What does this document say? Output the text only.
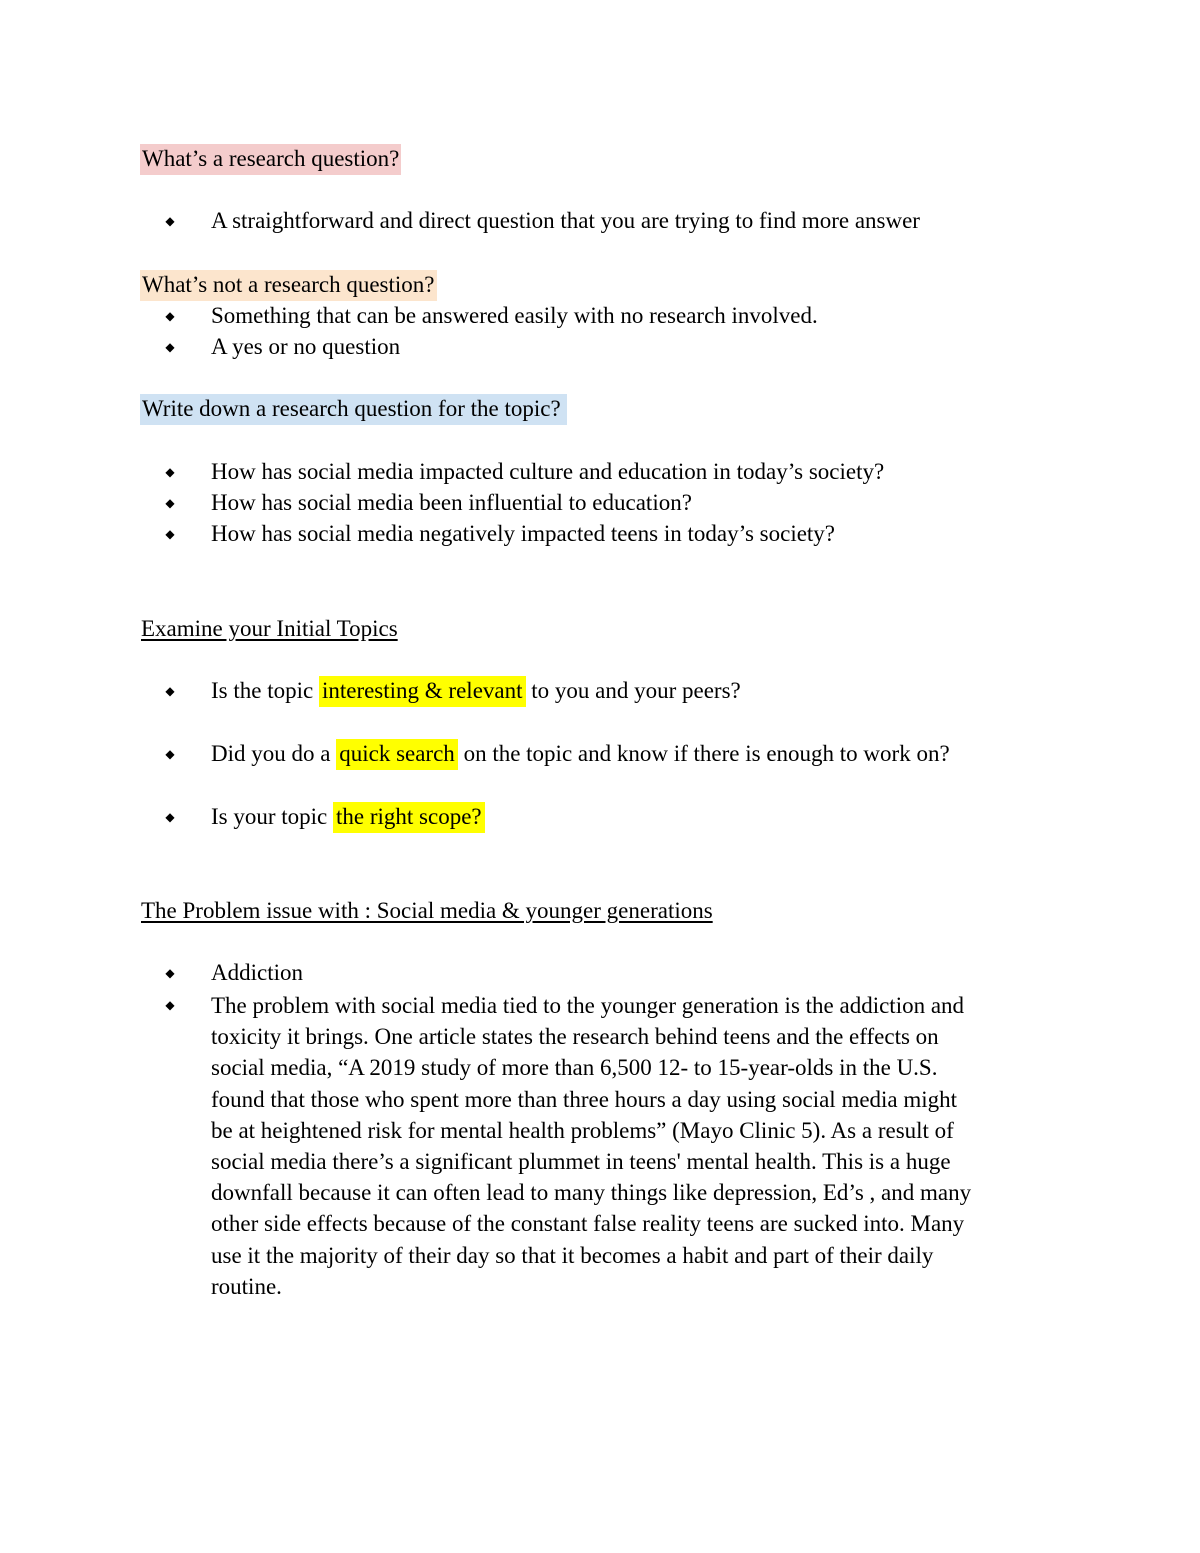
What’s a research question?
◆ A straightforward and direct question that you are trying to find more answer
What’s not a research question?
◆ Something that can be answered easily with no research involved.
◆ A yes or no question
Write down a research question for the topic?
◆ How has social media impacted culture and education in today’s society?
◆ How has social media been influential to education?
◆ How has social media negatively impacted teens in today’s society?
Examine your Initial Topics
◆ Is the topic interesting & relevant to you and your peers?
◆ Did you do a quick search on the topic and know if there is enough to work on?
◆ Is your topic the right scope?
The Problem issue with : Social media & younger generations
◆ Addiction
◆ The problem with social media tied to the younger generation is the addiction and
toxicity it brings. One article states the research behind teens and the effects on
social media, “A 2019 study of more than 6,500 12- to 15-year-olds in the U.S.
found that those who spent more than three hours a day using social media might
be at heightened risk for mental health problems” (Mayo Clinic 5). As a result of
social media there’s a significant plummet in teens' mental health. This is a huge
downfall because it can often lead to many things like depression, Ed’s , and many
other side effects because of the constant false reality teens are sucked into. Many
use it the majority of their day so that it becomes a habit and part of their daily
routine.
